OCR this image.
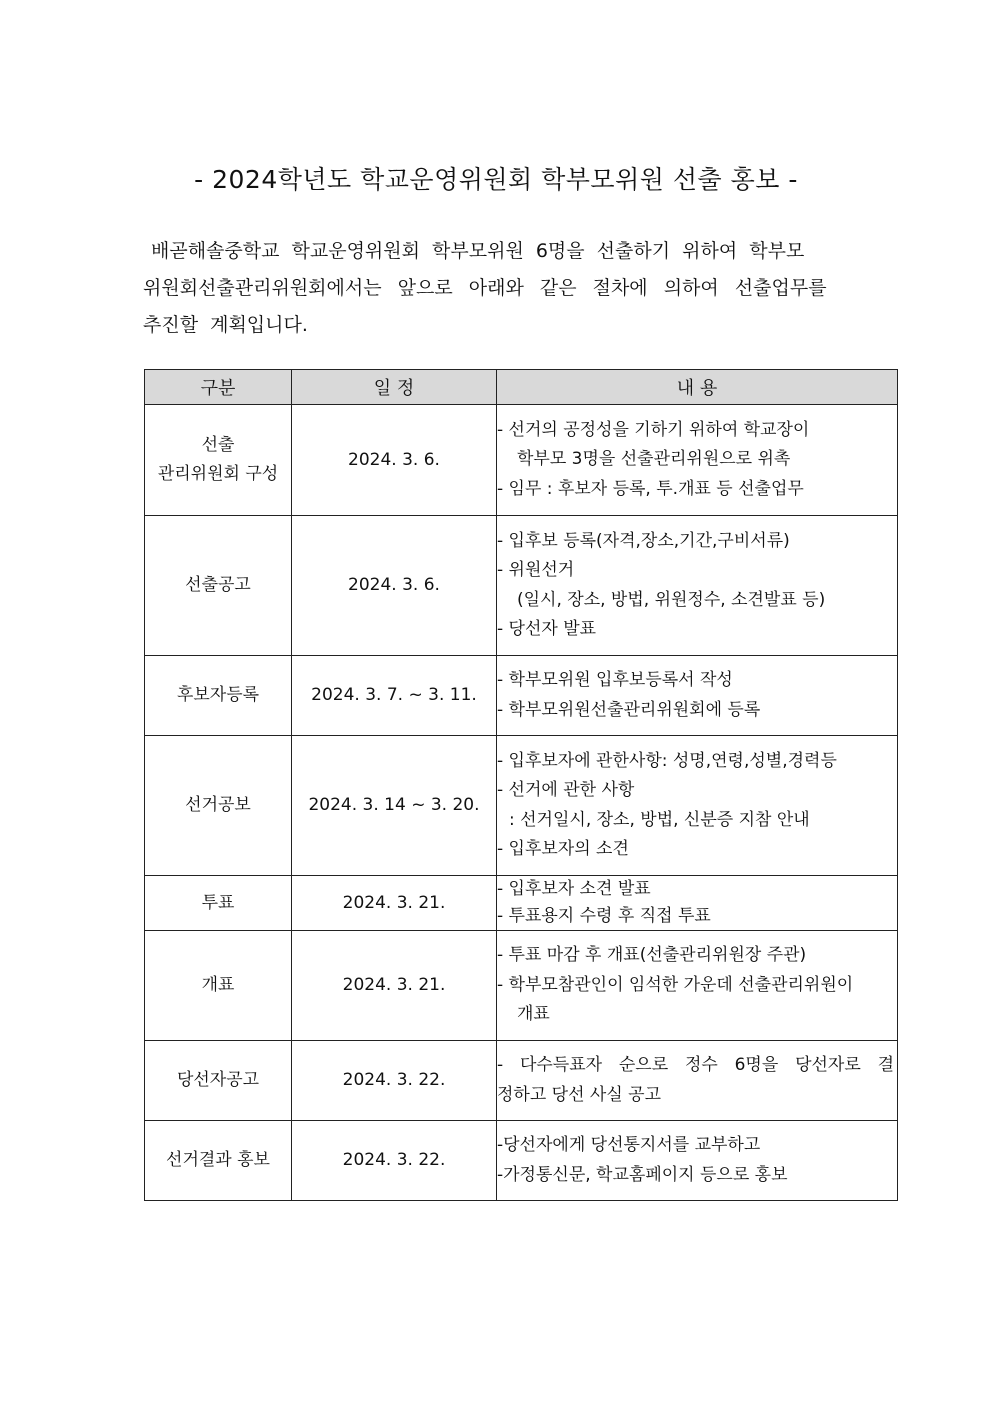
- 2024학년도 학교운영위원회 학부모위원 선출 홍보 -
배곧해솔중학교 학교운영위원회 학부모위원 6명을 선출하기 위하여 학부모
위원회선출관리위원회에서는 앞으로 아래와 같은 절차에 의하여 선출업무를
추진할 계획입니다.
구분	일 정	내 용

선출
관리위원회 구성	2024. 3. 6.	- 선거의 공정성을 기하기 위하여 학교장이
학부모 3명을 선출관리위원으로 위촉
- 임무 : 후보자 등록, 투.개표 등 선출업무

선출공고	2024. 3. 6.	- 입후보 등록(자격,장소,기간,구비서류)
- 위원선거
(일시, 장소, 방법, 위원정수, 소견발표 등)
- 당선자 발표

후보자등록	2024. 3. 7. ~ 3. 11.	- 학부모위원 입후보등록서 작성
- 학부모위원선출관리위원회에 등록

선거공보	2024. 3. 14 ~ 3. 20.	- 입후보자에 관한사항: 성명,연령,성별,경력등
- 선거에 관한 사항
: 선거일시, 장소, 방법, 신분증 지참 안내
- 입후보자의 소견

투표	2024. 3. 21.	- 입후보자 소견 발표
- 투표용지 수령 후 직접 투표

개표	2024. 3. 21.	- 투표 마감 후 개표(선출관리위원장 주관)
- 학부모참관인이 임석한 가운데 선출관리위원이
개표

당선자공고	2024. 3. 22.	- 다수득표자 순으로 정수 6명을 당선자로 결
정하고 당선 사실 공고

선거결과 홍보	2024. 3. 22.	-당선자에게 당선통지서를 교부하고
-가정통신문, 학교홈페이지 등으로 홍보
